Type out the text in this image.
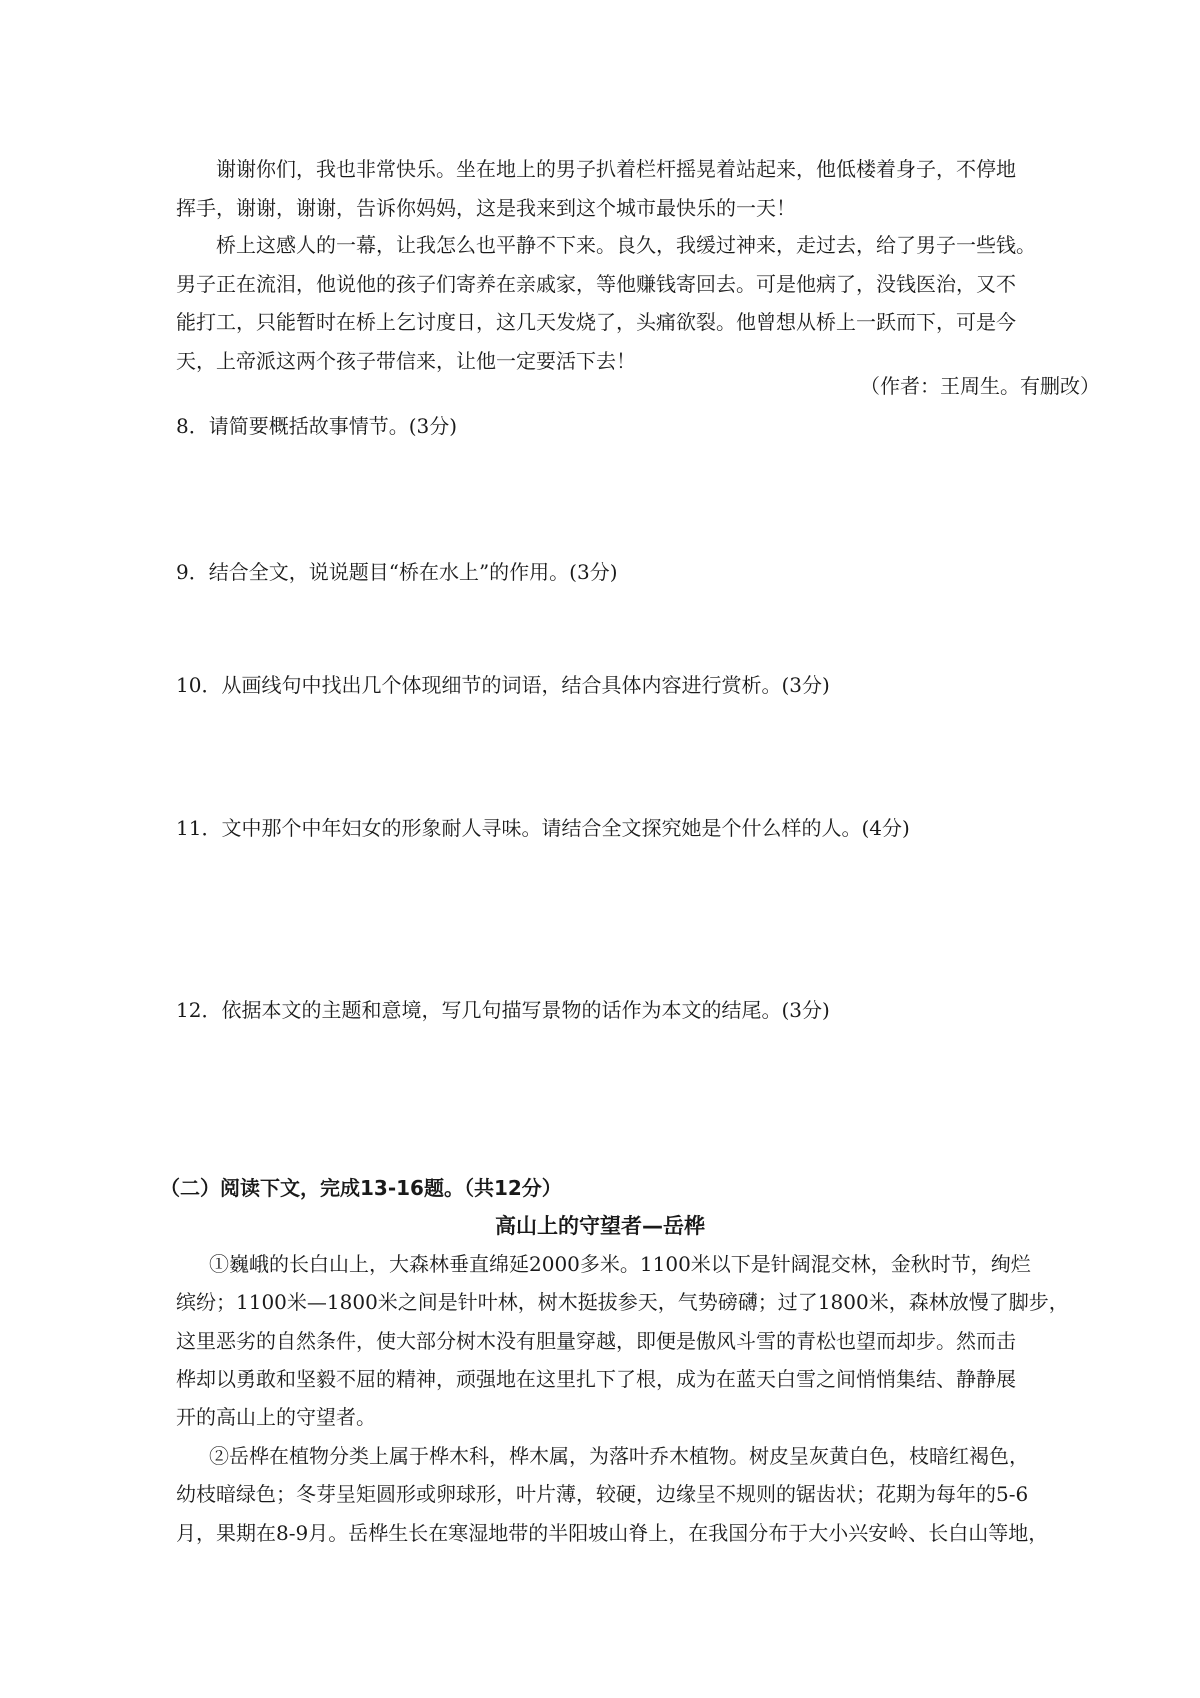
谢谢你们，我也非常快乐。坐在地上的男子扒着栏杆摇晃着站起来，他低楼着身子，不停地
挥手，谢谢，谢谢，告诉你妈妈，这是我来到这个城市最快乐的一天！
桥上这感人的一幕，让我怎么也平静不下来。良久，我缓过神来，走过去，给了男子一些钱。
男子正在流泪，他说他的孩子们寄养在亲戚家，等他赚钱寄回去。可是他病了，没钱医治，又不
能打工，只能暂时在桥上乞讨度日，这几天发烧了，头痛欲裂。他曾想从桥上一跃而下，可是今
天，上帝派这两个孩子带信来，让他一定要活下去！
（作者：王周生。有删改）
8．请简要概括故事情节。(3分)
9．结合全文，说说题目“桥在水上”的作用。(3分)
10．从画线句中找出几个体现细节的词语，结合具体内容进行赏析。(3分)
11．文中那个中年妇女的形象耐人寻味。请结合全文探究她是个什么样的人。(4分)
12．依据本文的主题和意境，写几句描写景物的话作为本文的结尾。(3分)
（二）阅读下文，完成13-16题。（共12分）
高山上的守望者—岳桦
①巍峨的长白山上，大森林垂直绵延2000多米。1100米以下是针阔混交林，金秋时节，绚烂
缤纷；1100米—1800米之间是针叶林，树木挺拔参天，气势磅礴；过了1800米，森林放慢了脚步，
这里恶劣的自然条件，使大部分树木没有胆量穿越，即便是傲风斗雪的青松也望而却步。然而击
桦却以勇敢和坚毅不屈的精神，顽强地在这里扎下了根，成为在蓝天白雪之间悄悄集结、静静展
开的高山上的守望者。
②岳桦在植物分类上属于桦木科，桦木属，为落叶乔木植物。树皮呈灰黄白色，枝暗红褐色，
幼枝暗绿色；冬芽呈矩圆形或卵球形，叶片薄，较硬，边缘呈不规则的锯齿状；花期为每年的5-6
月，果期在8-9月。岳桦生长在寒湿地带的半阳坡山脊上，在我国分布于大小兴安岭、长白山等地，
